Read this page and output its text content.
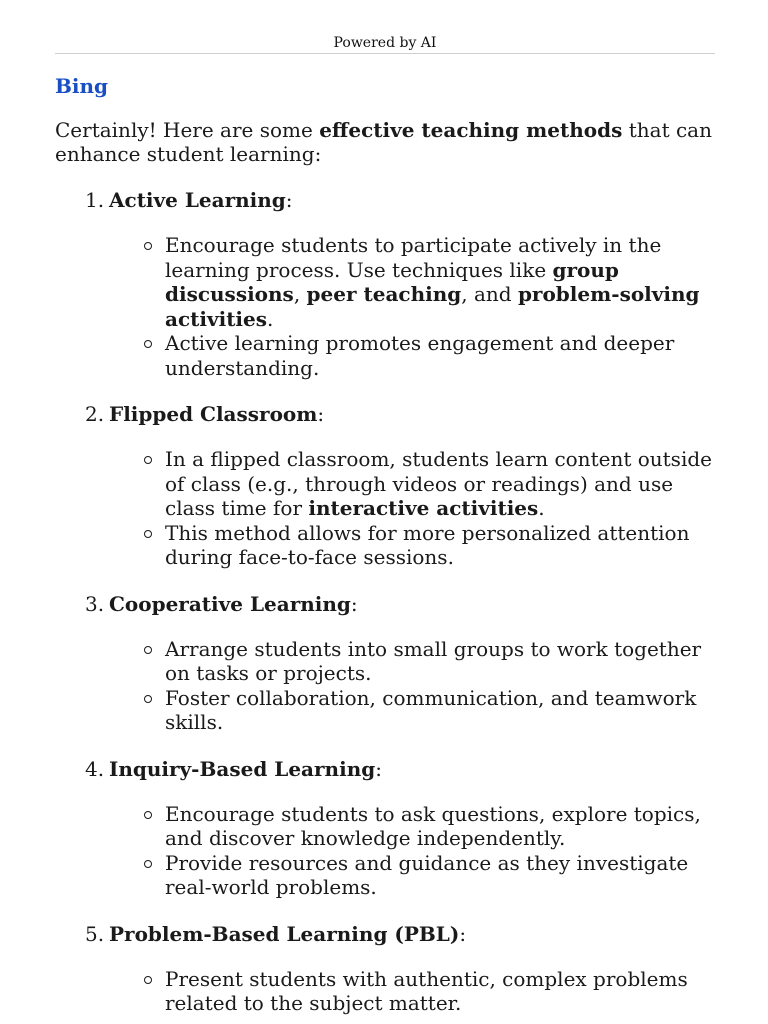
Powered by AI
Bing

Certainly! Here are some effective teaching methods that can enhance student learning:

1. Active Learning:
Encourage students to participate actively in the learning process. Use techniques like group discussions, peer teaching, and problem-solving activities.
Active learning promotes engagement and deeper understanding.
2. Flipped Classroom:
In a flipped classroom, students learn content outside of class (e.g., through videos or readings) and use class time for interactive activities.
This method allows for more personalized attention during face-to-face sessions.
3. Cooperative Learning:
Arrange students into small groups to work together on tasks or projects.
Foster collaboration, communication, and teamwork skills.
4. Inquiry-Based Learning:
Encourage students to ask questions, explore topics, and discover knowledge independently.
Provide resources and guidance as they investigate real-world problems.
5. Problem-Based Learning (PBL):
Present students with authentic, complex problems related to the subject matter.
